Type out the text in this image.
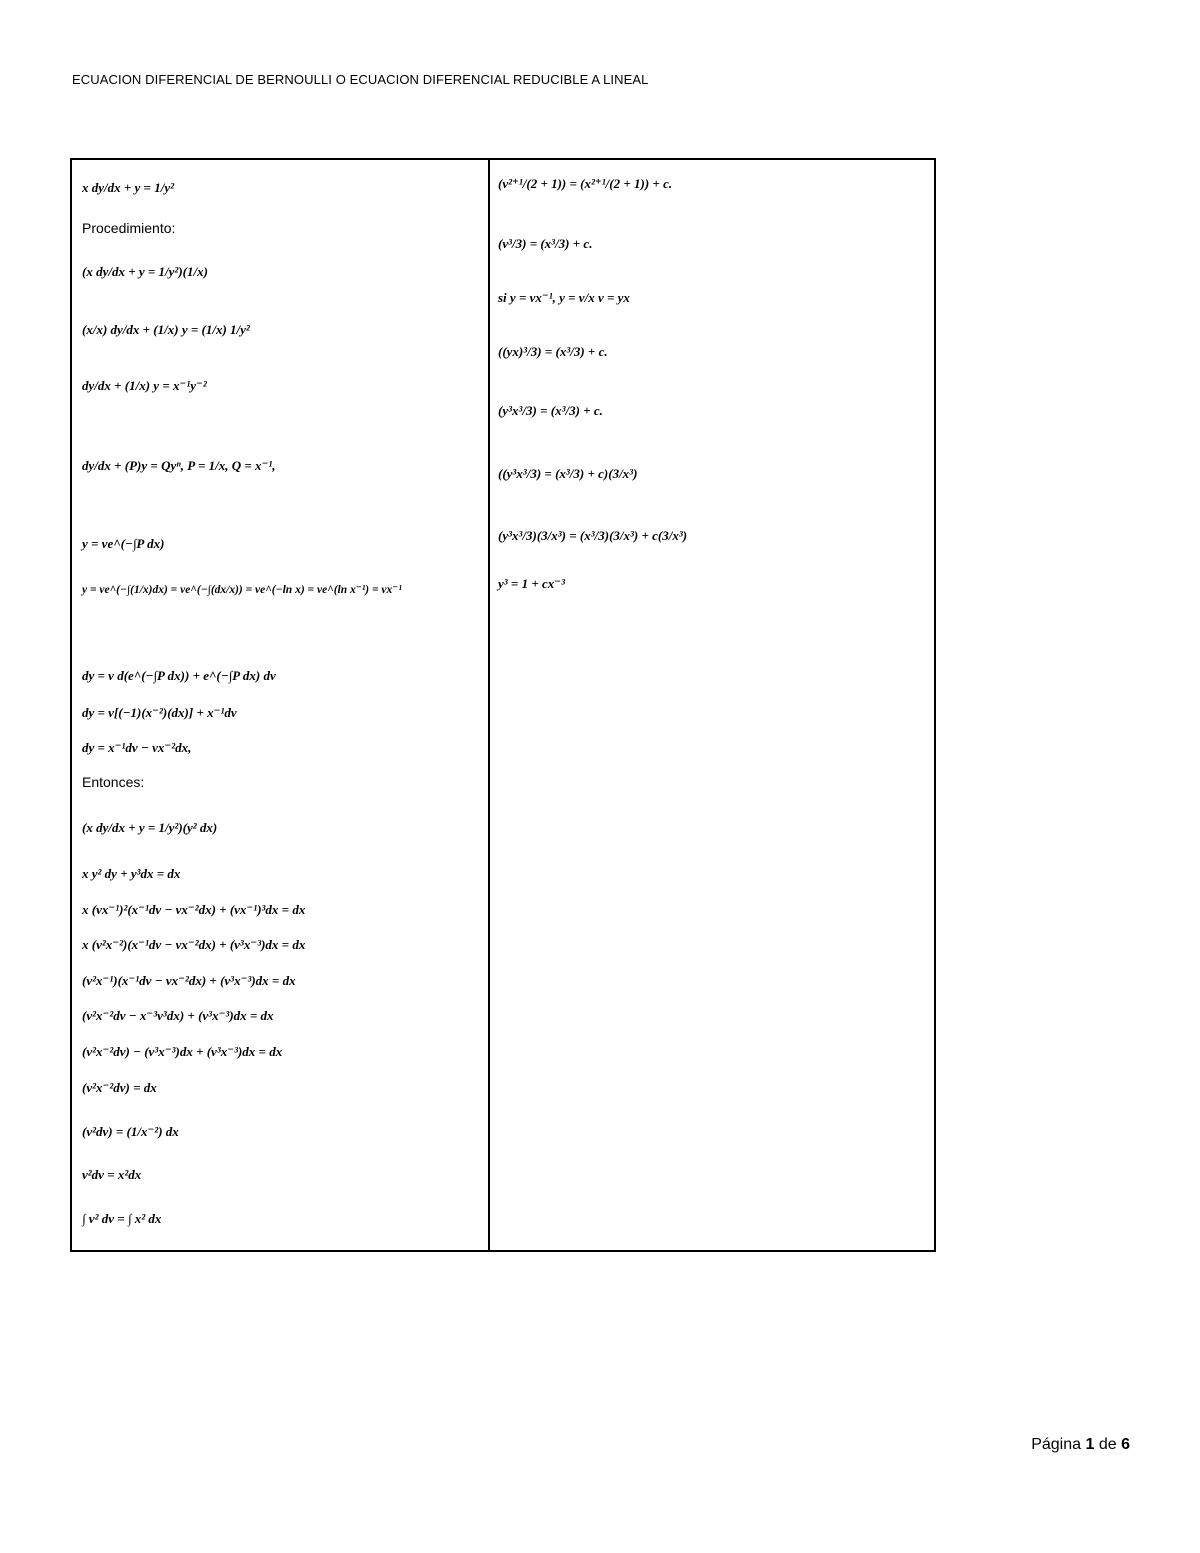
ECUACION DIFERENCIAL DE BERNOULLI O ECUACION DIFERENCIAL REDUCIBLE A LINEAL
x dy/dx + y = 1/y²
Procedimiento:
(x dy/dx + y = 1/y²)(1/x)
(x/x) dy/dx + (1/x) y = (1/x) 1/y²
dy/dx + (1/x) y = x⁻¹y⁻²
dy/dx + (P)y = Qyⁿ, P = 1/x, Q = x⁻¹,
y = ve^(−∫P dx)
y = ve^(−∫(1/x)dx) = ve^(−∫(dx/x)) = ve^(−ln x) = ve^(ln x⁻¹) = vx⁻¹
dy = v d(e^(−∫P dx)) + e^(−∫P dx) dv
dy = v[(−1)(x⁻²)(dx)] + x⁻¹dv
dy = x⁻¹dv − vx⁻²dx,
Entonces:
(x dy/dx + y = 1/y²)(y² dx)
x y² dy + y³dx = dx
x (vx⁻¹)²(x⁻¹dv − vx⁻²dx) + (vx⁻¹)³dx = dx
x (v²x⁻²)(x⁻¹dv − vx⁻²dx) + (v³x⁻³)dx = dx
(v²x⁻¹)(x⁻¹dv − vx⁻²dx) + (v³x⁻³)dx = dx
(v²x⁻²dv − x⁻³v³dx) + (v³x⁻³)dx = dx
(v²x⁻²dv) − (v³x⁻³)dx + (v³x⁻³)dx = dx
(v²x⁻²dv) = dx
(v²dv) = (1/x⁻²) dx
v²dv = x²dx
∫ v² dv = ∫ x² dx
(v²⁺¹/(2 + 1)) = (x²⁺¹/(2 + 1)) + c.
(v³/3) = (x³/3) + c.
si y = vx⁻¹, y = v/x v = yx
((yx)³/3) = (x³/3) + c.
(y³x³/3) = (x³/3) + c.
((y³x³/3) = (x³/3) + c)(3/x³)
(y³x³/3)(3/x³) = (x³/3)(3/x³) + c(3/x³)
y³ = 1 + cx⁻³
Página 1 de 6
